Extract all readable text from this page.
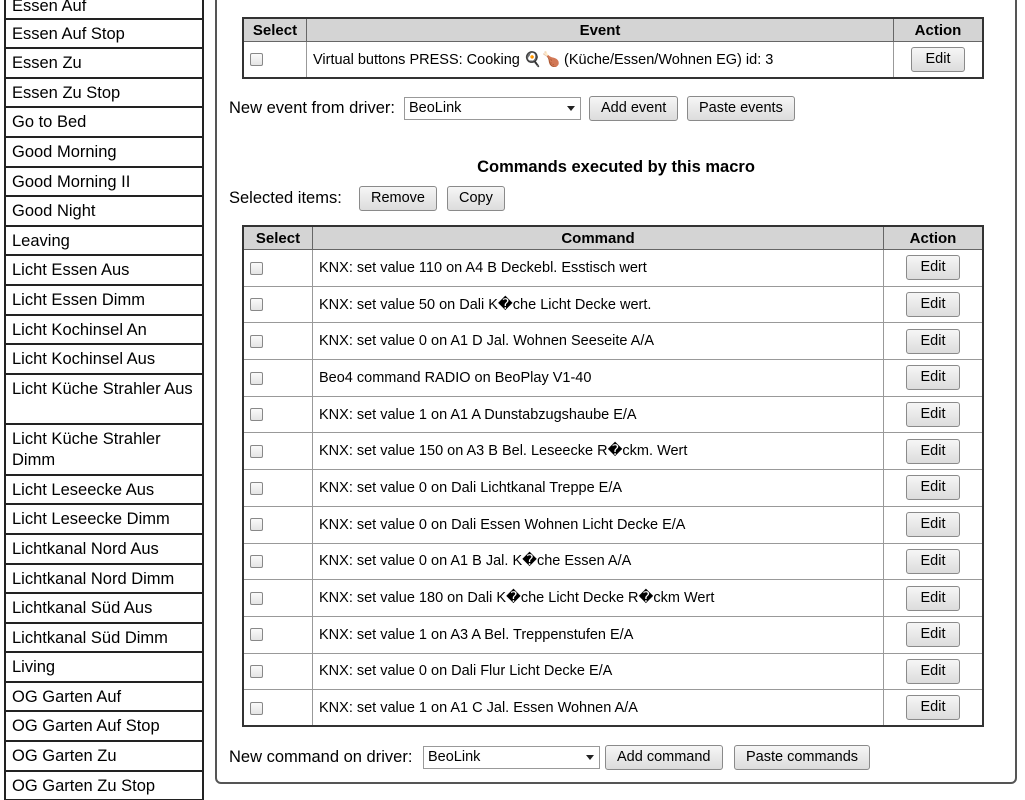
Essen Auf
Essen Auf Stop
Essen Zu
Essen Zu Stop
Go to Bed
Good Morning
Good Morning II
Good Night
Leaving
Licht Essen Aus
Licht Essen Dimm
Licht Kochinsel An
Licht Kochinsel Aus
Licht Küche Strahler Aus
Licht Küche Strahler Dimm
Licht Leseecke Aus
Licht Leseecke Dimm
Lichtkanal Nord Aus
Lichtkanal Nord Dimm
Lichtkanal Süd Aus
Lichtkanal Süd Dimm
Living
OG Garten Auf
OG Garten Auf Stop
OG Garten Zu
OG Garten Zu Stop
Select	Event	Action
	Virtual buttons PRESS: Cooking 🍳🍗 (Küche/Essen/Wohnen EG) id: 3	Edit
New event from driver: BeoLink	Add event	Paste events
Commands executed by this macro
Selected items:	Remove	Copy
Select	Command	Action
	KNX: set value 110 on A4 B Deckebl. Esstisch wert	Edit
	KNX: set value 50 on Dali K�che Licht Decke wert.	Edit
	KNX: set value 0 on A1 D Jal. Wohnen Seeseite A/A	Edit
	Beo4 command RADIO on BeoPlay V1-40	Edit
	KNX: set value 1 on A1 A Dunstabzugshaube E/A	Edit
	KNX: set value 150 on A3 B Bel. Leseecke R�ckm. Wert	Edit
	KNX: set value 0 on Dali Lichtkanal Treppe E/A	Edit
	KNX: set value 0 on Dali Essen Wohnen Licht Decke E/A	Edit
	KNX: set value 0 on A1 B Jal. K�che Essen A/A	Edit
	KNX: set value 180 on Dali K�che Licht Decke R�ckm Wert	Edit
	KNX: set value 1 on A3 A Bel. Treppenstufen E/A	Edit
	KNX: set value 0 on Dali Flur Licht Decke E/A	Edit
	KNX: set value 1 on A1 C Jal. Essen Wohnen A/A	Edit
New command on driver:	BeoLink	Add command	Paste commands
